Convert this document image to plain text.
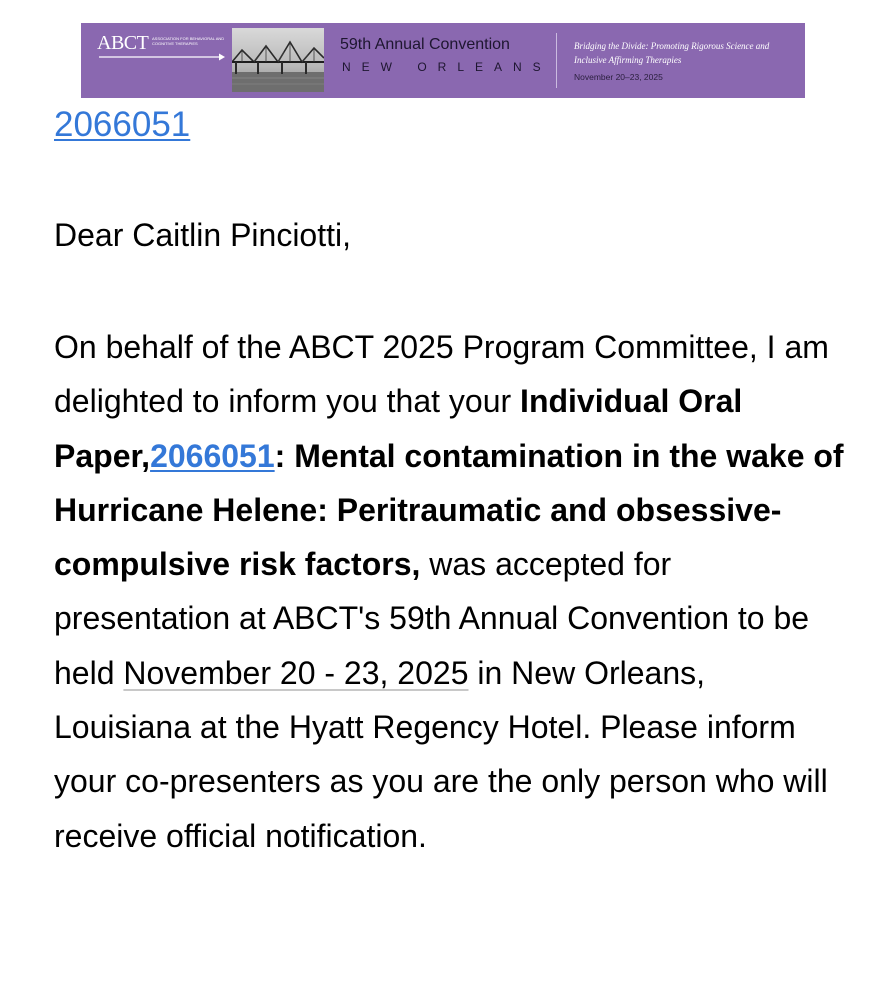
ABCT ASSOCIATION FOR BEHAVIORAL AND COGNITIVE THERAPIES	59th Annual Convention
NEW ORLEANS
Bridging the Divide: Promoting Rigorous Science and Inclusive Affirming Therapies
November 20–23, 2025
2066051

Dear Caitlin Pinciotti,

On behalf of the ABCT 2025 Program Committee, I am delighted to inform you that your Individual Oral Paper,2066051: Mental contamination in the wake of Hurricane Helene: Peritraumatic and obsessive-compulsive risk factors, was accepted for presentation at ABCT's 59th Annual Convention to be held November 20 - 23, 2025 in New Orleans, Louisiana at the Hyatt Regency Hotel. Please inform your co-presenters as you are the only person who will receive official notification.
